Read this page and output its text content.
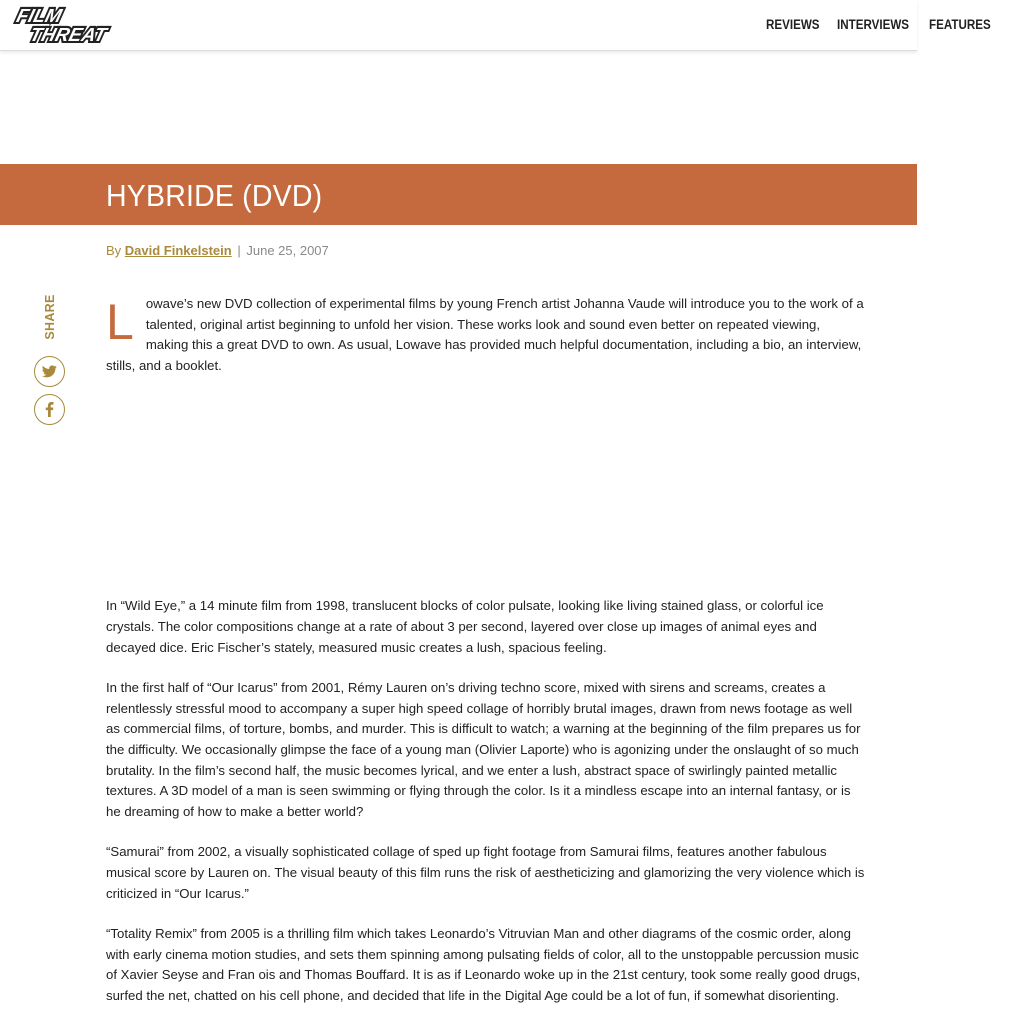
FILM
THREAT
REVIEWS INTERVIEWS FEATURES
HYBRIDE (DVD)
By David Finkelstein | June 25, 2007
SHARE L owave’s new DVD collection of experimental films by young French artist Johanna Vaude will introduce you to the work of a talented, original artist beginning to unfold her vision. These works look and sound even better on repeated viewing, making this a great DVD to own. As usual, Lowave has provided much helpful documentation, including a bio, an interview, stills, and a booklet.

In “Wild Eye,” a 14 minute film from 1998, translucent blocks of color pulsate, looking like living stained glass, or colorful ice crystals. The color compositions change at a rate of about 3 per second, layered over close up images of animal eyes and decayed dice. Eric Fischer’s stately, measured music creates a lush, spacious feeling.

In the first half of “Our Icarus” from 2001, Rémy Lauren on’s driving techno score, mixed with sirens and screams, creates a relentlessly stressful mood to accompany a super high speed collage of horribly brutal images, drawn from news footage as well as commercial films, of torture, bombs, and murder. This is difficult to watch; a warning at the beginning of the film prepares us for the difficulty. We occasionally glimpse the face of a young man (Olivier Laporte) who is agonizing under the onslaught of so much brutality. In the film’s second half, the music becomes lyrical, and we enter a lush, abstract space of swirlingly painted metallic textures. A 3D model of a man is seen swimming or flying through the color. Is it a mindless escape into an internal fantasy, or is he dreaming of how to make a better world?

“Samurai” from 2002, a visually sophisticated collage of sped up fight footage from Samurai films, features another fabulous musical score by Lauren on. The visual beauty of this film runs the risk of aestheticizing and glamorizing the very violence which is criticized in “Our Icarus.”

“Totality Remix” from 2005 is a thrilling film which takes Leonardo’s Vitruvian Man and other diagrams of the cosmic order, along with early cinema motion studies, and sets them spinning among pulsating fields of color, all to the unstoppable percussion music of Xavier Seyse and Fran ois and Thomas Bouffard. It is as if Leonardo woke up in the 21st century, took some really good drugs, surfed the net, chatted on his cell phone, and decided that life in the Digital Age could be a lot of fun, if somewhat disorienting.
